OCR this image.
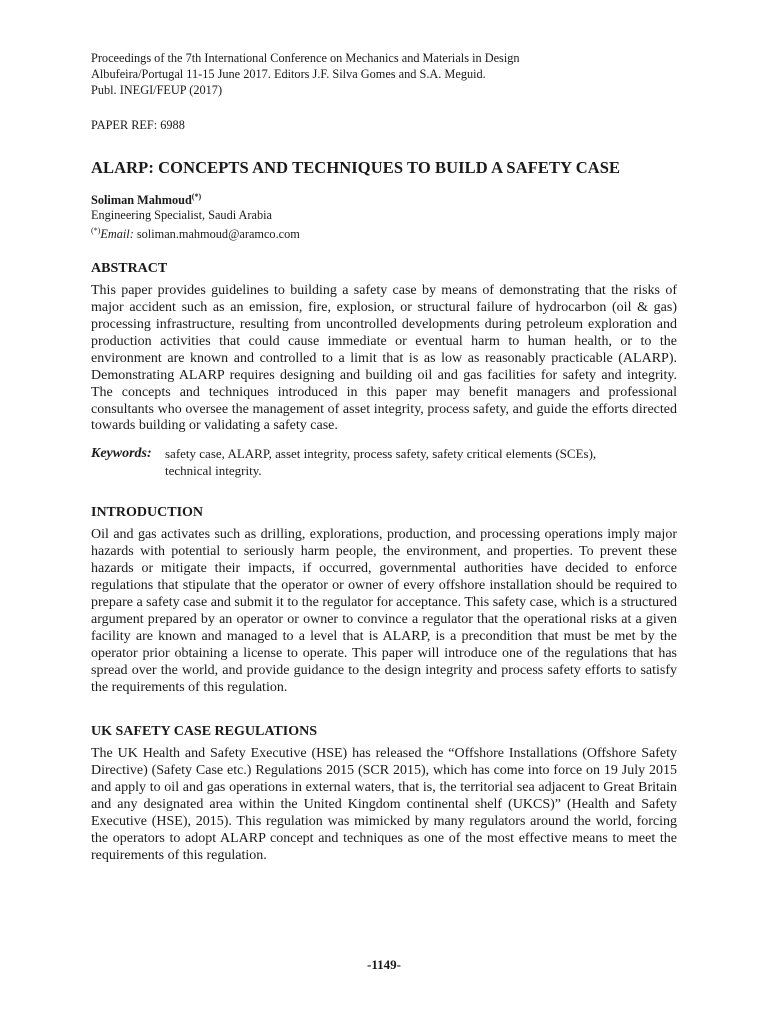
Proceedings of the 7th International Conference on Mechanics and Materials in Design
Albufeira/Portugal 11-15 June 2017. Editors J.F. Silva Gomes and S.A. Meguid.
Publ. INEGI/FEUP (2017)
PAPER REF: 6988
ALARP: CONCEPTS AND TECHNIQUES TO BUILD A SAFETY CASE
Soliman Mahmoud(*)
Engineering Specialist, Saudi Arabia
(*)Email: soliman.mahmoud@aramco.com
ABSTRACT
This paper provides guidelines to building a safety case by means of demonstrating that the risks of major accident such as an emission, fire, explosion, or structural failure of hydrocarbon (oil & gas) processing infrastructure, resulting from uncontrolled developments during petroleum exploration and production activities that could cause immediate or eventual harm to human health, or to the environment are known and controlled to a limit that is as low as reasonably practicable (ALARP). Demonstrating ALARP requires designing and building oil and gas facilities for safety and integrity. The concepts and techniques introduced in this paper may benefit managers and professional consultants who oversee the management of asset integrity, process safety, and guide the efforts directed towards building or validating a safety case.
Keywords:	safety case, ALARP, asset integrity, process safety, safety critical elements (SCEs), technical integrity.
INTRODUCTION
Oil and gas activates such as drilling, explorations, production, and processing operations imply major hazards with potential to seriously harm people, the environment, and properties. To prevent these hazards or mitigate their impacts, if occurred, governmental authorities have decided to enforce regulations that stipulate that the operator or owner of every offshore installation should be required to prepare a safety case and submit it to the regulator for acceptance. This safety case, which is a structured argument prepared by an operator or owner to convince a regulator that the operational risks at a given facility are known and managed to a level that is ALARP, is a precondition that must be met by the operator prior obtaining a license to operate. This paper will introduce one of the regulations that has spread over the world, and provide guidance to the design integrity and process safety efforts to satisfy the requirements of this regulation.
UK SAFETY CASE REGULATIONS
The UK Health and Safety Executive (HSE) has released the “Offshore Installations (Offshore Safety Directive) (Safety Case etc.) Regulations 2015 (SCR 2015), which has come into force on 19 July 2015 and apply to oil and gas operations in external waters, that is, the territorial sea adjacent to Great Britain and any designated area within the United Kingdom continental shelf (UKCS)” (Health and Safety Executive (HSE), 2015). This regulation was mimicked by many regulators around the world, forcing the operators to adopt ALARP concept and techniques as one of the most effective means to meet the requirements of this regulation.
-1149-
